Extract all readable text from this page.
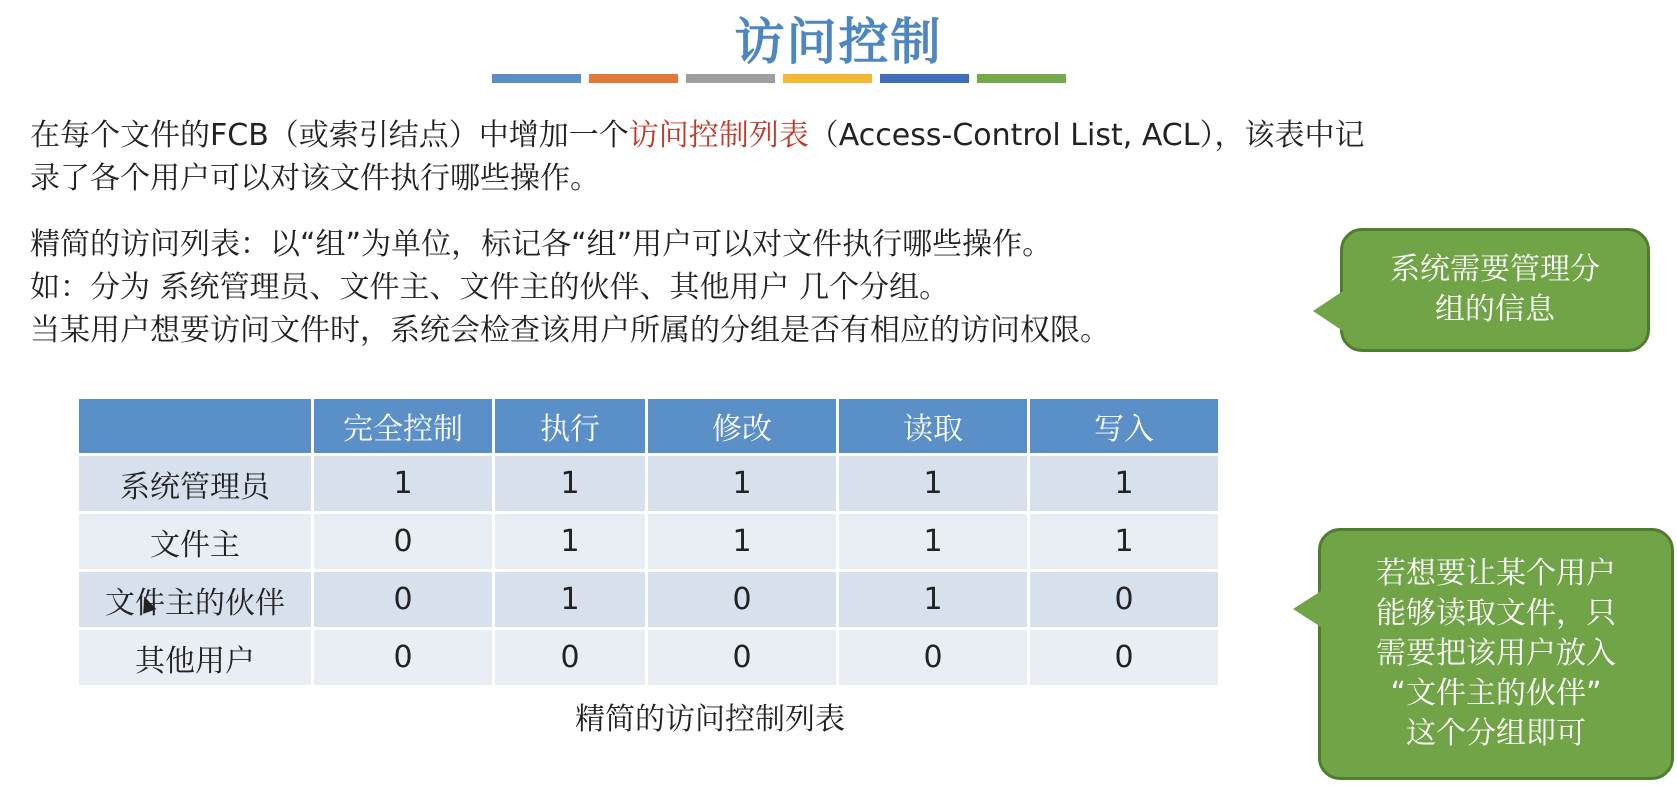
访问控制
在每个文件的FCB（或索引结点）中增加一个访问控制列表（Access-Control List, ACL），该表中记
录了各个用户可以对该文件执行哪些操作。
精简的访问列表：以“组”为单位，标记各“组”用户可以对文件执行哪些操作。
如：分为 系统管理员、文件主、文件主的伙伴、其他用户 几个分组。
当某用户想要访问文件时，系统会检查该用户所属的分组是否有相应的访问权限。
系统需要管理分
组的信息
	完全控制	执行	修改	读取	写入
系统管理员	1	1	1	1	1
文件主	0	1	1	1	1
文件主的伙伴	0	1	0	1	0
其他用户	0	0	0	0	0
精简的访问控制列表
若想要让某个用户
能够读取文件，只
需要把该用户放入
“文件主的伙伴”
这个分组即可
